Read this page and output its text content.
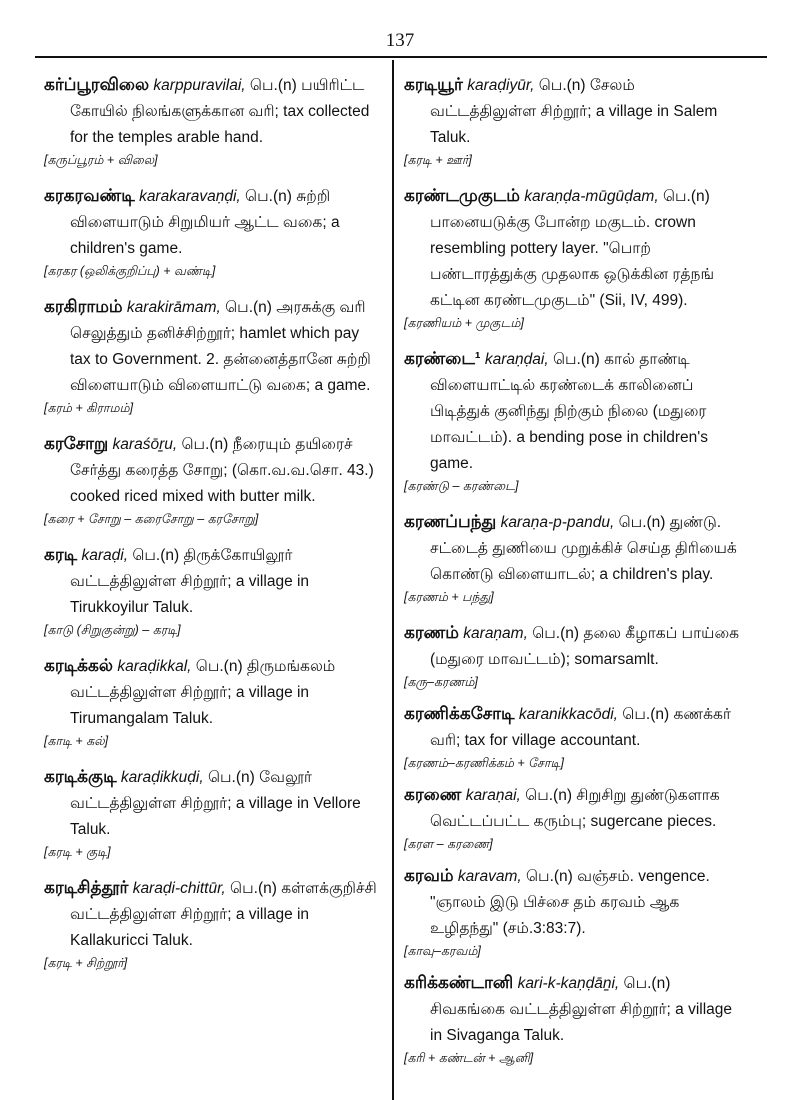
137

கர்ப்பூரவிலை karppuravilai, பெ.(n) பயிரிட்ட கோயில் நிலங்களுக்கான வரி; tax collected for the temples arable hand.

[கருப்பூரம் + விலை]

கரகரவண்டி karakaravaṇḍi, பெ.(n) சுற்றி விளையாடும் சிறுமியர் ஆட்ட வகை; a children's game.

[கரகர (ஒலிக்குறிப்பு) + வண்டி]

கரகிராமம் karakirāmam, பெ.(n) அரசுக்கு வரி செலுத்தும் தனிச்சிற்றூர்; hamlet which pay tax to Government. 2. தன்னைத்தானே சுற்றி விளையாடும் விளையாட்டு வகை; a game.

[கரம் + கிராமம்]

கரசோறு karaśōṟu, பெ.(n) நீரையும் தயிரைச் சேர்த்து கரைத்த சோறு; (கொ.வ.வ.சொ. 43.) cooked riced mixed with butter milk.

[கரை + சோறு – கரைசோறு – கரசோறு]

கரடி karaḍi, பெ.(n) திருக்கோயிலூர் வட்டத்திலுள்ள சிற்றூர்; a village in Tirukkoyilur Taluk.

[காடு (சிறுகுன்று) – கரடி]

கரடிக்கல் karaḍikkal, பெ.(n) திருமங்கலம் வட்டத்திலுள்ள சிற்றூர்; a village in Tirumangalam Taluk.

[காடி + கல்]

கரடிக்குடி karaḍikkuḍi, பெ.(n) வேலூர் வட்டத்திலுள்ள சிற்றூர்; a village in Vellore Taluk.

[கரடி + குடி]

கரடிசித்தூர் karaḍi-chittūr, பெ.(n) கள்ளக்குறிச்சி வட்டத்திலுள்ள சிற்றூர்; a village in Kallakuricci Taluk.

[கரடி + சிற்றூர்]

கரடியூர் karaḍiyūr, பெ.(n) சேலம் வட்டத்திலுள்ள சிற்றூர்; a village in Salem Taluk.

[கரடி + ஊர்]

கரண்டமுகுடம் karaṇḍa-mūgūḍam, பெ.(n) பானையடுக்கு போன்ற மகுடம். crown resembling pottery layer. "பொற் பண்டாரத்துக்கு முதலாக ஒடுக்கின ரத்நங் கட்டின கரண்டமுகுடம்" (Sii, IV, 499).

[கரணியம் + முகுடம்]

கரண்டை¹ karaṇḍai, பெ.(n) கால் தாண்டி விளையாட்டில் கரண்டைக் காலினைப் பிடித்துக் குனிந்து நிற்கும் நிலை (மதுரை மாவட்டம்). a bending pose in children's game.

[கரண்டு – கரண்டை]

கரணப்பந்து karaṇa-p-pandu, பெ.(n) துண்டு. சட்டைத் துணியை முறுக்கிச் செய்த திரியைக் கொண்டு விளையாடல்; a children's play.

[கரணம் + பந்து]

கரணம் karaṇam, பெ.(n) தலை கீழாகப் பாய்கை (மதுரை மாவட்டம்); somarsamlt.

[கரு–கரணம்]

கரணிக்கசோடி karanikkacōdi, பெ.(n) கணக்கர் வரி; tax for village accountant.

[கரணம்–கரணிக்கம் + சோடி]

கரணை karaṇai, பெ.(n) சிறுசிறு துண்டுகளாக வெட்டப்பட்ட கரும்பு; sugercane pieces.

[கரள – கரணை]

கரவம் karavam, பெ.(n) வஞ்சம். vengence. "ஞாலம் இடு பிச்சை தம் கரவம் ஆக உழிதந்து" (சம்.3:83:7).

[காவு–கரவம்]

கரிக்கண்டானி kari-k-kaṇḍāṉi, பெ.(n) சிவகங்கை வட்டத்திலுள்ள சிற்றூர்; a village in Sivaganga Taluk.

[கரி + கண்டன் + ஆனி]
